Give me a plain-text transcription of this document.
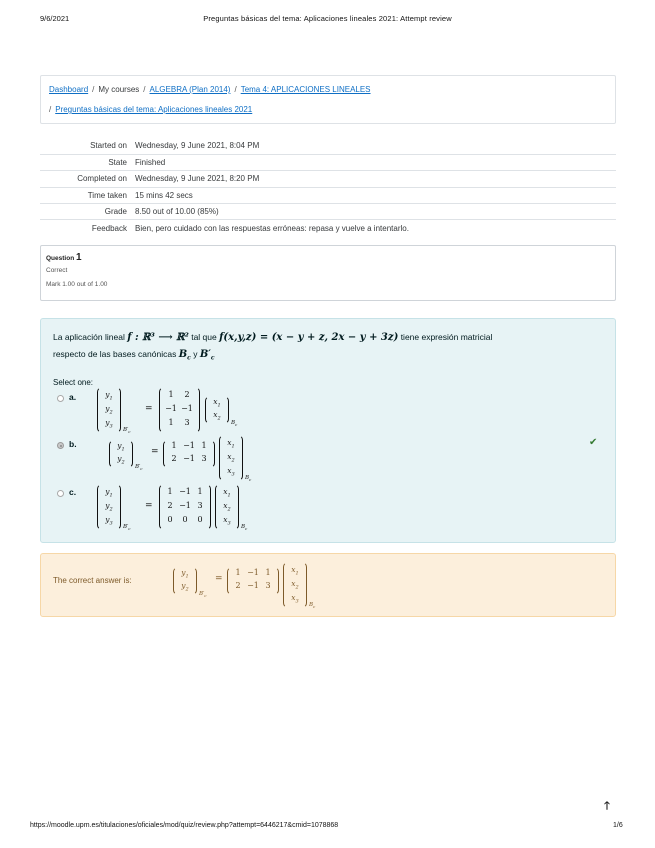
9/6/2021	Preguntas básicas del tema: Aplicaciones lineales 2021: Attempt review
Dashboard / My courses / ALGEBRA (Plan 2014) / Tema 4: APLICACIONES LINEALES
/ Preguntas básicas del tema: Aplicaciones lineales 2021
Started on	Wednesday, 9 June 2021, 8:04 PM
State	Finished
Completed on	Wednesday, 9 June 2021, 8:20 PM
Time taken	15 mins 42 secs
Grade	8.50 out of 10.00 (85%)
Feedback	Bien, pero cuidado con las respuestas erróneas: repasa y vuelve a intentarlo.
Question 1
Correct
Mark 1.00 out of 1.00
La aplicación lineal f : ℝ³ ⟶ ℝ² tal que f(x,y,z) = (x − y + z, 2x − y + 3z) tiene expresión matricial
respecto de las bases canónicas $B_c$ y $B'_c$
Select one:
a.	$y_1$
$y_2$
$y_3$
$B'_c$
=
1	2
−1 −1
1	3
$x_1$
$x_2$
$B_c$
b.	$y_1$
$y_2$
$B'_c$
=
1 −1 1
2 −1 3
$x_1$
$x_2$
$x_3$
$B_c$
✔
c.	$y_1$
$y_2$
$y_3$
$B'_c$
=
1 −1 1
2 −1 3
0	0	0
$x_1$
$x_2$
$x_3$
$B_c$
The correct answer is:
$y_1$
$y_2$
$B'_c$
=
1 −1 1
2 −1 3
$x_1$
$x_2$
$x_3$
$B_c$
🡑
https://moodle.upm.es/titulaciones/oficiales/mod/quiz/review.php?attempt=6446217&cmid=1078868	1/6
